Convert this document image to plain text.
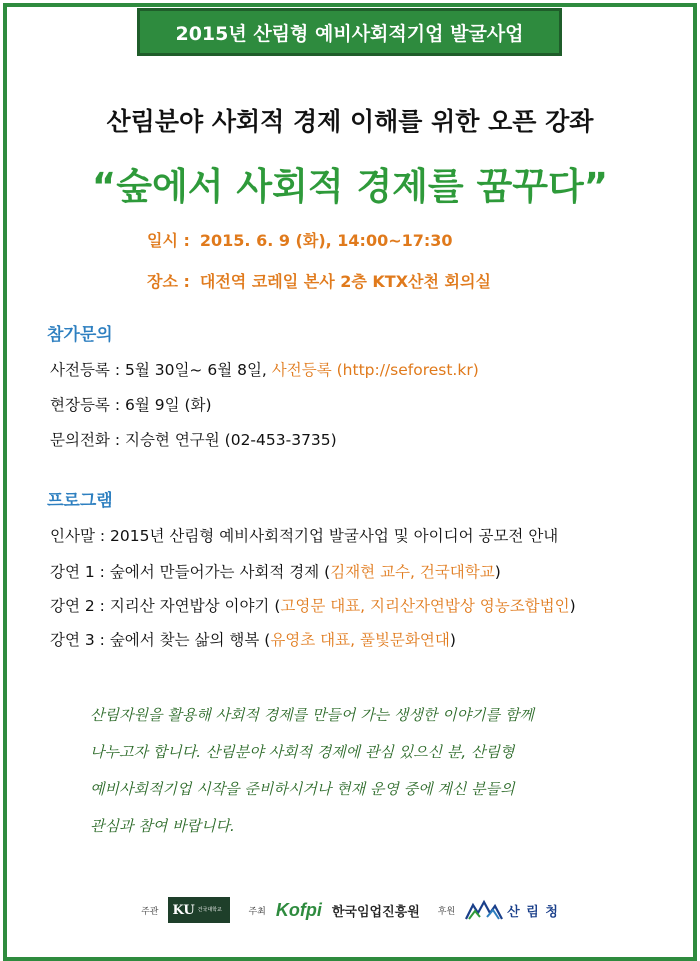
2015년 산림형 예비사회적기업 발굴사업
산림분야 사회적 경제 이해를 위한 오픈 강좌
“숲에서 사회적 경제를 꿈꾸다”
일시 : 2015. 6. 9 (화), 14:00~17:30
장소 : 대전역 코레일 본사 2층 KTX산천 회의실
참가문의
사전등록 : 5월 30일~ 6월 8일, 사전등록 (http://seforest.kr)
현장등록 : 6월 9일 (화)
문의전화 : 지승현 연구원 (02-453-3735)
프로그램
인사말 : 2015년 산림형 예비사회적기업 발굴사업 및 아이디어 공모전 안내
강연 1 : 숲에서 만들어가는 사회적 경제 (김재현 교수, 건국대학교)
강연 2 : 지리산 자연밥상 이야기 (고영문 대표, 지리산자연밥상 영농조합법인)
강연 3 : 숲에서 찾는 삶의 행복 (유영초 대표, 풀빛문화연대)
산림자원을 활용해 사회적 경제를 만들어 가는 생생한 이야기를 함께
나누고자 합니다. 산림분야 사회적 경제에 관심 있으신 분, 산림형
예비사회적기업 시작을 준비하시거나 현재 운영 중에 계신 분들의
관심과 참여 바랍니다.
주관 KU 건국대학교	주최 Kofpi 한국임업진흥원 후원	산 림 청
